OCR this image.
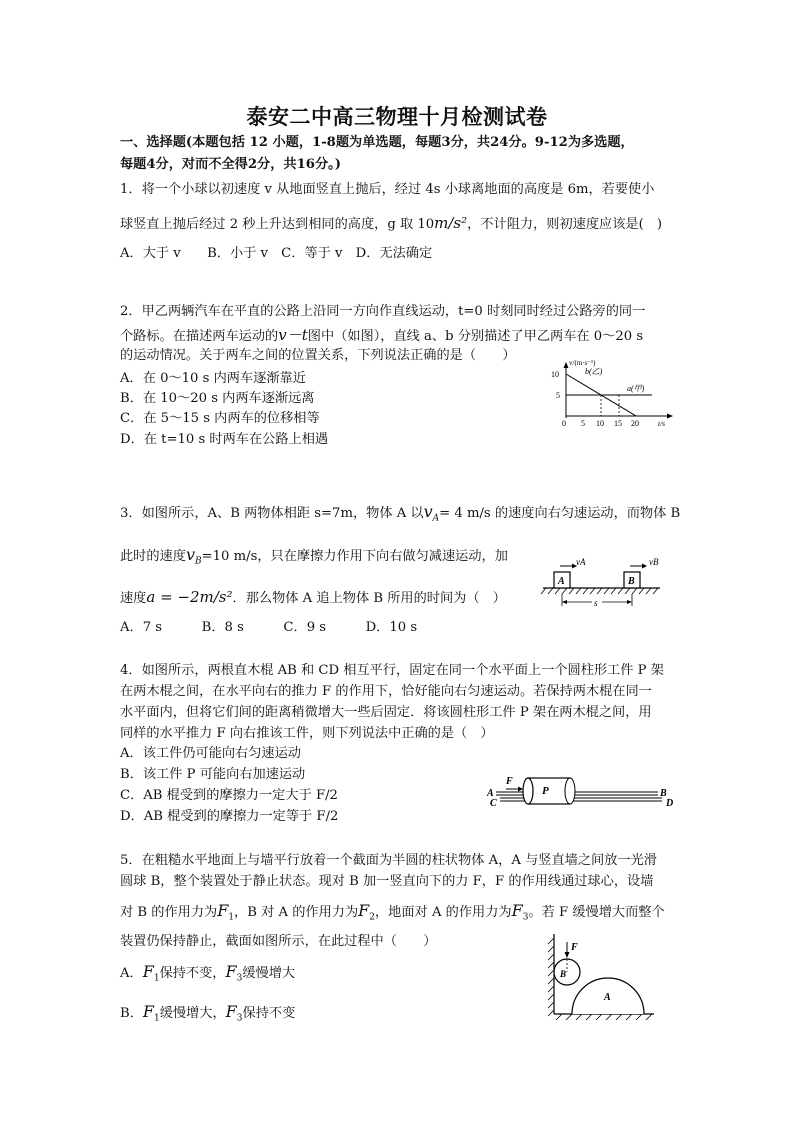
泰安二中高三物理十月检测试卷
一、选择题(本题包括 12 小题，1-8题为单选题，每题3分，共24分。9-12为多选题，
每题4分，对而不全得2分，共16分。)
1．将一个小球以初速度 v 从地面竖直上抛后，经过 4s 小球离地面的高度是 6m，若要使小
球竖直上抛后经过 2 秒上升达到相同的高度，g 取 10m/s²，不计阻力，则初速度应该是(　)
A．大于 v　　B．小于 v　C．等于 v　D．无法确定
2．甲乙两辆汽车在平直的公路上沿同一方向作直线运动，t=0 时刻同时经过公路旁的同一
个路标。在描述两车运动的v－t图中（如图），直线 a、b 分别描述了甲乙两车在 0～20 s
的运动情况。关于两车之间的位置关系，下列说法正确的是（　　）
A．在 0～10 s 内两车逐渐靠近
B．在 10～20 s 内两车逐渐远离
C．在 5～15 s 内两车的位移相等
D．在 t=10 s 时两车在公路上相遇
v/(m·s⁻¹)
10
5
0 5 10 15 20	t/s
b(乙)
a(甲)
3．如图所示，A、B 两物体相距 s=7m，物体 A 以$v_A= 4$ m/s 的速度向右匀速运动，而物体 B
此时的速度$v_B=10$ m/s，只在摩擦力作用下向右做匀减速运动，加
速度a = −2m/s²．那么物体 A 追上物体 B 所用的时间为（　）
A．7 s　　　B．8 s　　　C．9 s　　　D．10 s
A	B
vA	vB
s
4．如图所示，两根直木棍 AB 和 CD 相互平行，固定在同一个水平面上一个圆柱形工件 P 架
在两木棍之间，在水平向右的推力 F 的作用下，恰好能向右匀速运动。若保持两木棍在同一
水平面内，但将它们间的距离稍微增大一些后固定．将该圆柱形工件 P 架在两木棍之间，用
同样的水平推力 F 向右推该工件，则下列说法中正确的是（　）
A．该工件仍可能向右匀速运动
B．该工件 P 可能向右加速运动
C．AB 棍受到的摩擦力一定大于 F/2
D．AB 棍受到的摩擦力一定等于 F/2
F
P
A
C
B
D
5．在粗糙水平地面上与墙平行放着一个截面为半圆的柱状物体 A，A 与竖直墙之间放一光滑
圆球 B，整个装置处于静止状态。现对 B 加一竖直向下的力 F，F 的作用线通过球心，设墙
对 B 的作用力为$F_1$，B 对 A 的作用力为$F_2$，地面对 A 的作用力为$F_3$。若 F 缓慢增大而整个
装置仍保持静止，截面如图所示，在此过程中（　　）
A．$F_1$保持不变，$F_3$缓慢增大
B．$F_1$缓慢增大，$F_3$保持不变
F
B
A
